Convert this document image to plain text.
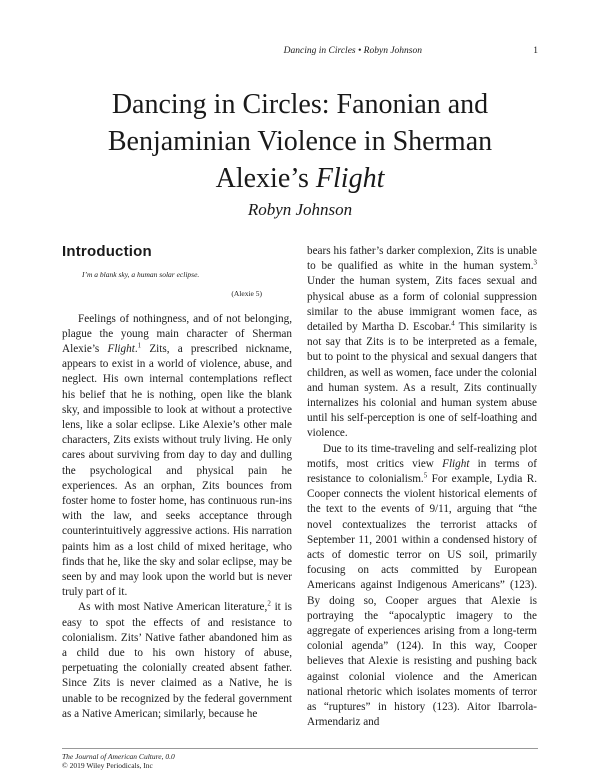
Dancing in Circles • Robyn Johnson	1
Dancing in Circles: Fanonian and
Benjaminian Violence in Sherman
Alexie’s Flight
Robyn Johnson
Introduction
I’m a blank sky, a human solar eclipse.
(Alexie 5)

Feelings of nothingness, and of not belonging, plague the young main character of Sherman Alexie’s Flight.$^1$ Zits, a prescribed nickname, appears to exist in a world of violence, abuse, and neglect. His own internal contemplations reflect his belief that he is nothing, open like the blank sky, and impossible to look at without a protective lens, like a solar eclipse. Like Alexie’s other male characters, Zits exists without truly living. He only cares about surviving from day to day and dulling the psychological and physical pain he experiences. As an orphan, Zits bounces from foster home to foster home, has continuous run-ins with the law, and seeks acceptance through counterintuitively aggressive actions. His narration paints him as a lost child of mixed heritage, who finds that he, like the sky and solar eclipse, may be seen by and may look upon the world but is never truly part of it.

As with most Native American literature,$^2$ it is easy to spot the effects of and resistance to colonialism. Zits’ Native father abandoned him as a child due to his own history of abuse, perpetuating the colonially created absent father. Since Zits is never claimed as a Native, he is unable to be recognized by the federal government as a Native American; similarly, because he

bears his father’s darker complexion, Zits is unable to be qualified as white in the human system.$^3$ Under the human system, Zits faces sexual and physical abuse as a form of colonial suppression similar to the abuse immigrant women face, as detailed by Martha D. Escobar.$^4$ This similarity is not say that Zits is to be interpreted as a female, but to point to the physical and sexual dangers that children, as well as women, face under the colonial and human system. As a result, Zits continually internalizes his colonial and human system abuse until his self-perception is one of self-loathing and violence.

Due to its time-traveling and self-realizing plot motifs, most critics view Flight in terms of resistance to colonialism.$^5$ For example, Lydia R. Cooper connects the violent historical elements of the text to the events of 9/11, arguing that “the novel contextualizes the terrorist attacks of September 11, 2001 within a condensed history of acts of domestic terror on US soil, primarily focusing on acts committed by European Americans against Indigenous Americans” (123). By doing so, Cooper argues that Alexie is portraying the “apocalyptic imagery to the aggregate of experiences arising from a long-term colonial agenda” (124). In this way, Cooper believes that Alexie is resisting and pushing back against colonial violence and the American national rhetoric which isolates moments of terror as “ruptures” in history (123). Aitor Ibarrola-Armendariz and

The Journal of American Culture, 0.0
© 2019 Wiley Periodicals, Inc
